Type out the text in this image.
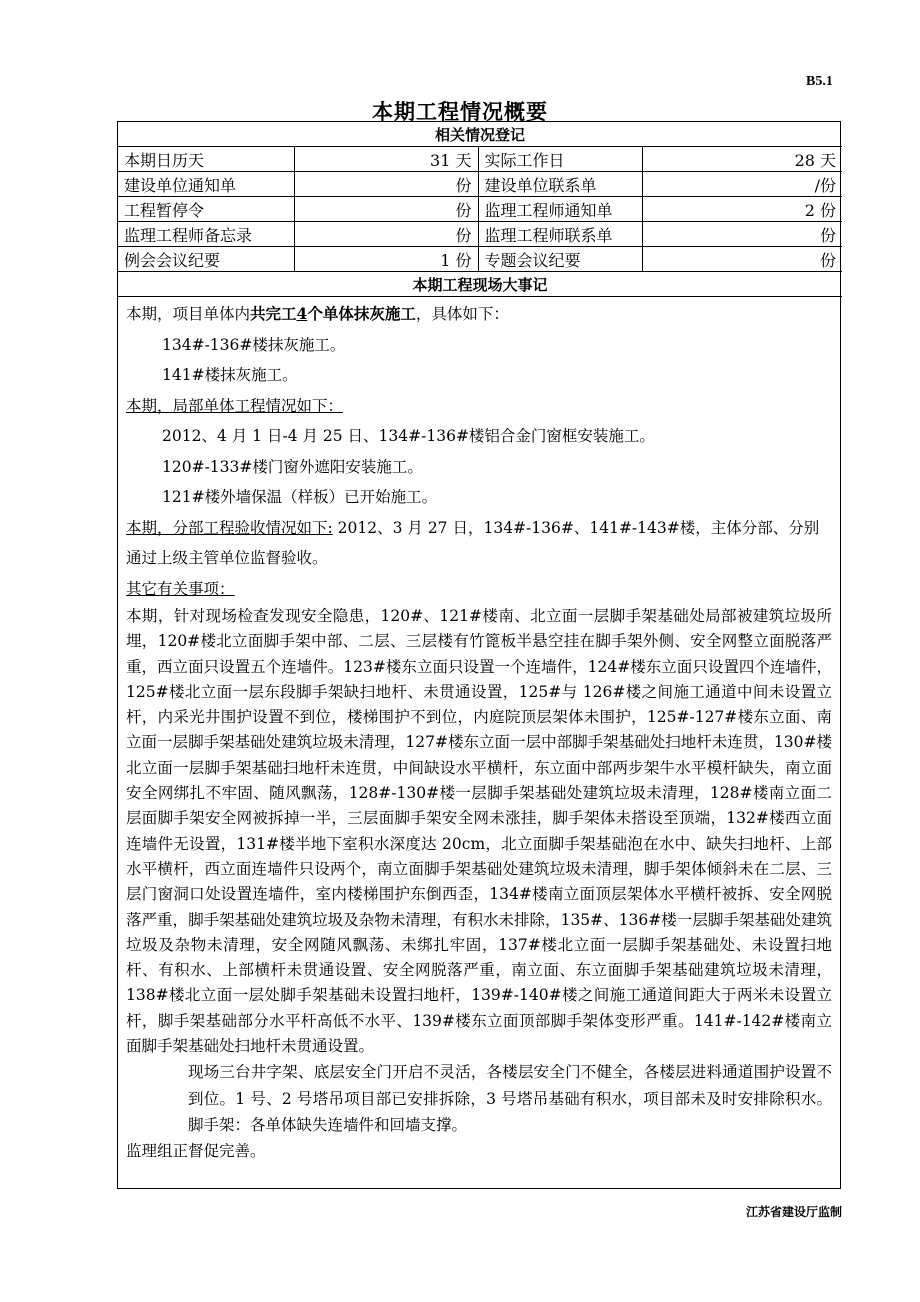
B5.1
本期工程情况概要
相关情况登记			
本期日历天	31 天	实际工作日	28 天
建设单位通知单	份	建设单位联系单	/份
工程暂停令	份	监理工程师通知单	2 份
监理工程师备忘录	份	监理工程师联系单	份
例会会议纪要	1 份	专题会议纪要	份
本期工程现场大事记			

本期，项目单体内共完工4个单体抹灰施工，具体如下：

134#-136#楼抹灰施工。

141#楼抹灰施工。

本期，局部单体工程情况如下：

2012、4 月 1 日-4 月 25 日、134#-136#楼铝合金门窗框安装施工。

120#-133#楼门窗外遮阳安装施工。

121#楼外墙保温（样板）已开始施工。

本期，分部工程验收情况如下: 2012、3 月 27 日，134#-136#、141#-143#楼，主体分部、分别通过上级主管单位监督验收。

其它有关事项：

本期，针对现场检查发现安全隐患，120#、121#楼南、北立面一层脚手架基础处局部被建筑垃圾所埋，120#楼北立面脚手架中部、二层、三层楼有竹篦板半悬空挂在脚手架外侧、安全网整立面脱落严重，西立面只设置五个连墙件。123#楼东立面只设置一个连墙件，124#楼东立面只设置四个连墙件，125#楼北立面一层东段脚手架缺扫地杆、未贯通设置，125#与 126#楼之间施工通道中间未设置立杆，内采光井围护设置不到位，楼梯围护不到位，内庭院顶层架体未围护，125#-127#楼东立面、南立面一层脚手架基础处建筑垃圾未清理，127#楼东立面一层中部脚手架基础处扫地杆未连贯，130#楼北立面一层脚手架基础扫地杆未连贯，中间缺设水平横杆，东立面中部两步架牛水平模杆缺失，南立面安全网绑扎不牢固、随风飘荡，128#-130#楼一层脚手架基础处建筑垃圾未清理，128#楼南立面二层面脚手架安全网被拆掉一半，三层面脚手架安全网未涨挂，脚手架体未搭设至顶端，132#楼西立面连墙件无设置，131#楼半地下室积水深度达 20cm，北立面脚手架基础泡在水中、缺失扫地杆、上部水平横杆，西立面连墙件只设两个，南立面脚手架基础处建筑垃圾未清理，脚手架体倾斜未在二层、三层门窗洞口处设置连墙件，室内楼梯围护东倒西歪，134#楼南立面顶层架体水平横杆被拆、安全网脱落严重，脚手架基础处建筑垃圾及杂物未清理，有积水未排除，135#、136#楼一层脚手架基础处建筑垃圾及杂物未清理，安全网随风飘荡、未绑扎牢固，137#楼北立面一层脚手架基础处、未设置扫地杆、有积水、上部横杆未贯通设置、安全网脱落严重，南立面、东立面脚手架基础建筑垃圾未清理，138#楼北立面一层处脚手架基础未设置扫地杆，139#-140#楼之间施工通道间距大于两米未设置立杆，脚手架基础部分水平杆高低不水平、139#楼东立面顶部脚手架体变形严重。141#-142#楼南立面脚手架基础处扫地杆未贯通设置。

现场三台井字架、底层安全门开启不灵活，各楼层安全门不健全，各楼层进料通道围护设置不到位。1 号、2 号塔吊项目部已安排拆除，3 号塔吊基础有积水，项目部未及时安排除积水。脚手架：各单体缺失连墙件和回墙支撑。

监理组正督促完善。

江苏省建设厅监制
